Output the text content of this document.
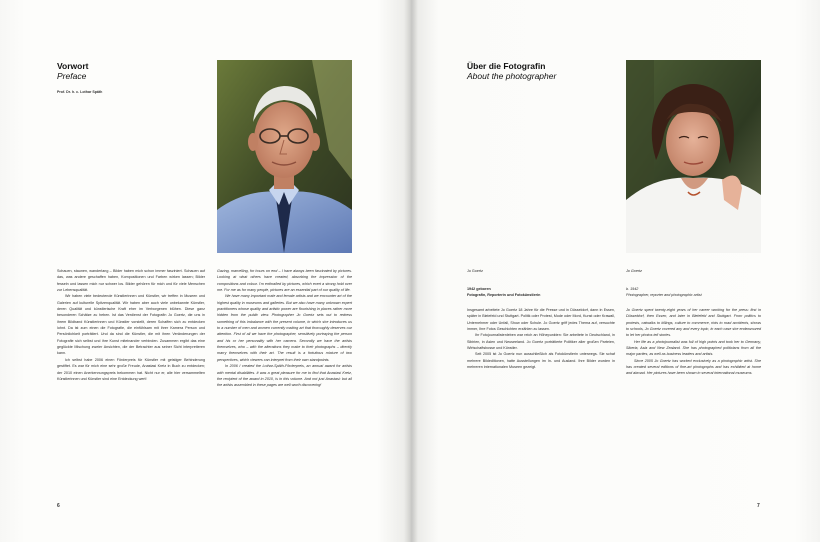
Vorwort
Preface
Prof. Dr. h. c. Lothar Späth

Schauen, staunen, wanderlang – Bilder haben mich schon immer fasziniert. Schauen auf das, was andere geschaffen haben, Kompositionen und Farben wirken lassen; Bilder fesseln und lassen mich nur schwer los. Bilder gehören für mich und für viele Menschen zur Lebensqualität.

Wir haben viele bedeutende Künstlerinnen und Künstler, wir treffen in Museen und Galerien auf kulturelle Spitzenqualität. Wir haben aber auch viele unbekannte Künstler, deren Qualität und künstlerische Kraft eher im Verborgenen blühen. Diese ganz besonderen Schätze zu heben. Ist das Verdienst der Fotografin Jo Goertz, die uns in ihrem Bildband Künstlerinnen und Künstler vorstellt, deren Schaffen sich zu entdecken lohnt. Da ist zum einen die Fotografie, die einfühlsam mit ihrer Kamera Person und Persönlichkeit porträtiert. Und da sind die Künstler, die mit ihren Veränderungen der Fotografie sich selbst und ihre Kunst miteinander verbinden. Zusammen ergibt das eine geglückte Mischung zweier Ansichten, die der Betrachter aus seiner Sicht interpretieren kann.

Ich selbst habe 2006 einen Förderpreis für Künstler mit geistiger Behinderung gestiftet. Es war für mich eine sehr große Freude, Anastasi Kretz in Buch zu entdecken; der 2010 einen Anerkennungspreis bekommen hat. Nicht nur er, alle hier versammelten Künstlerinnen und Künstler sind eine Entdeckung wert!

Gazing, marvelling, for hours on end – I have always been fascinated by pictures. Looking at what others have created, absorbing the impression of the compositions and colour. I'm enthralled by pictures, which exert a strong hold over me. For me as for many people, pictures are an essential part of our quality of life.

We have many important male and female artists and we encounter art of the highest quality in museums and galleries. But we also have many unknown expert practitioners whose quality and artistic power are flourishing in places rather more hidden from the public view. Photographer Jo Goertz sets out to redress something of this imbalance with the present volume, in which she introduces us to a number of men and women currently making art that thoroughly deserves our attention. First of all we have the photographer, sensitively portraying the person and his or her personality with her camera. Secondly we have the artists themselves, who – with the alterations they make to their photographs – directly marry themselves with their art. The result is a fortuitous mixture of two perspectives, which viewers can interpret from their own standpoints.

In 2006 I created the Lothar-Späth-Förderpreis, an annual award for artists with mental disabilities. It was a great pleasure for me to find that Anastasi Kretz, the recipient of the award in 2010, is in this volume. And not just Anastasi: but all the artists assembled in these pages are well worth discovering!

6
Über die Fotografin
About the photographer
Jo Goertz
1942 geboren
Fotografin, Reporterin und Fotokünstlerin

Insgesamt arbeitete Jo Goertz 18 Jahre für die Presse und in Düsseldorf, dann in Essen, später in Bielefeld und Stuttgart. Politik oder Protest, Mode oder Mord, Kunst oder Krawall, Unternehmer oder Unfall, Show oder Schule. Jo Goertz griff jedes Thema auf, versuchte immer, Ihre Fotos Geschichten erzählen zu lassen.

Ihr Fotojournalistenleben war reich an Höhepunkten: Sie arbeitete in Deutschland, in Sibirien, in Asien und Neuseeland. Jo Goertz porträtierte Politiker aller großen Parteien, Wirtschaftsbosse und Künstler.

Seit 2005 ist Jo Goertz nun ausschließlich als Fotokünstlerin unterwegs. Sie schaf mehrere Bildeditionen, hatte Ausstellungen im In- und Ausland. Ihre Bilder wurden in mehreren internationalen Museen gezeigt.

Jo Goertz
b. 1942
Photographer, reporter and photographic artist

Jo Goertz spent twenty-eight years of her career working for the press: first in Düsseldorf, then Essen, and later in Bielefeld and Stuttgart. From politics to protests, catwalks to killings, culture to commerce, riots to road accidents, shows to schools, Jo Goertz covered any and every topic, in each case she endeavoured to let her photos tell stories.

Her life as a photojournalist was full of high points and took her to Germany, Siberia, Asia and New Zealand. She has photographed politicians from all the major parties, as well as business leaders and artists.

Since 2005 Jo Goertz has worked exclusively as a photographic artist. She has created several editions of fine-art photographs and has exhibited at home and abroad. Her pictures have been shown in several international museums.

7
